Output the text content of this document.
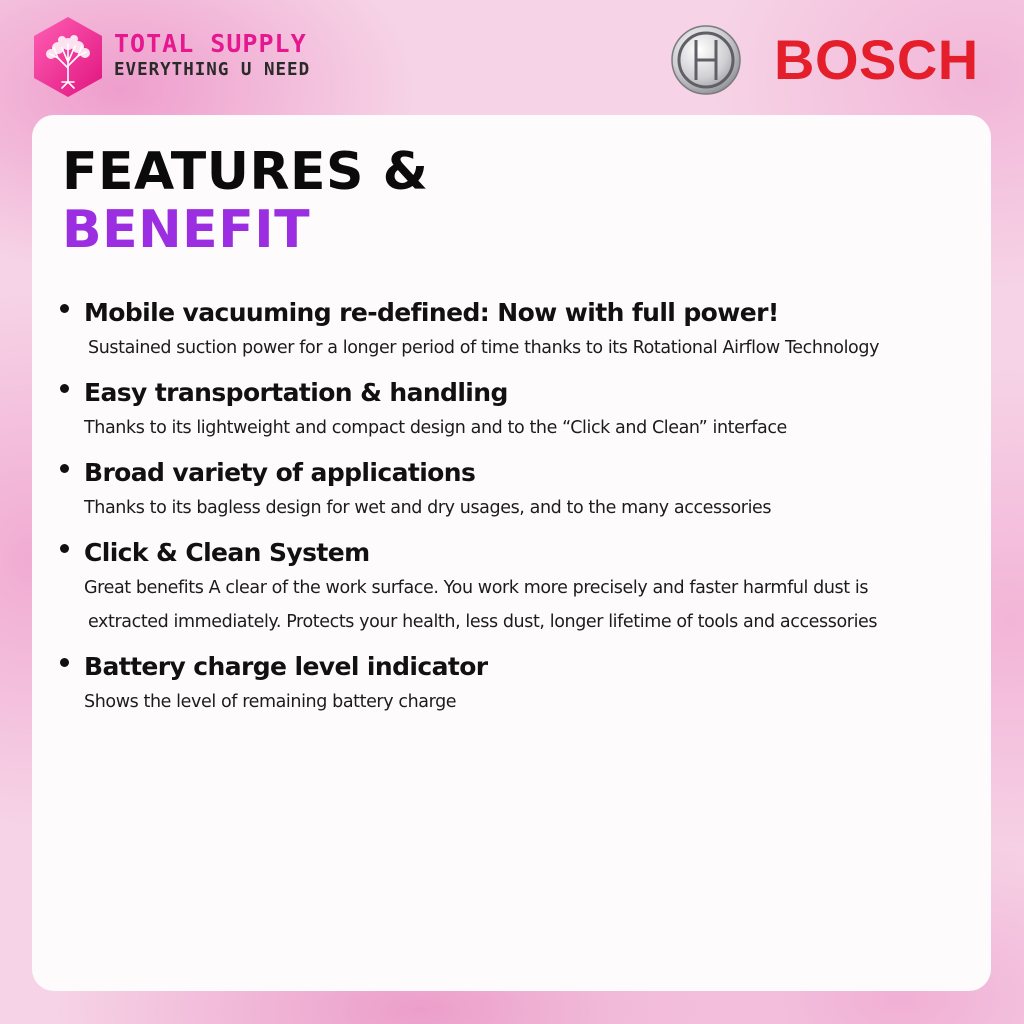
TOTAL SUPPLY
EVERYTHING U NEED	BOSCH
FEATURES &
BENEFIT
Mobile vacuuming re-defined: Now with full power!
Sustained suction power for a longer period of time thanks to its Rotational Airflow Technology
Easy transportation & handling
Thanks to its lightweight and compact design and to the “Click and Clean” interface
Broad variety of applications
Thanks to its bagless design for wet and dry usages, and to the many accessories
Click & Clean System
Great benefits A clear of the work surface. You work more precisely and faster harmful dust is
extracted immediately. Protects your health, less dust, longer lifetime of tools and accessories
Battery charge level indicator
Shows the level of remaining battery charge
